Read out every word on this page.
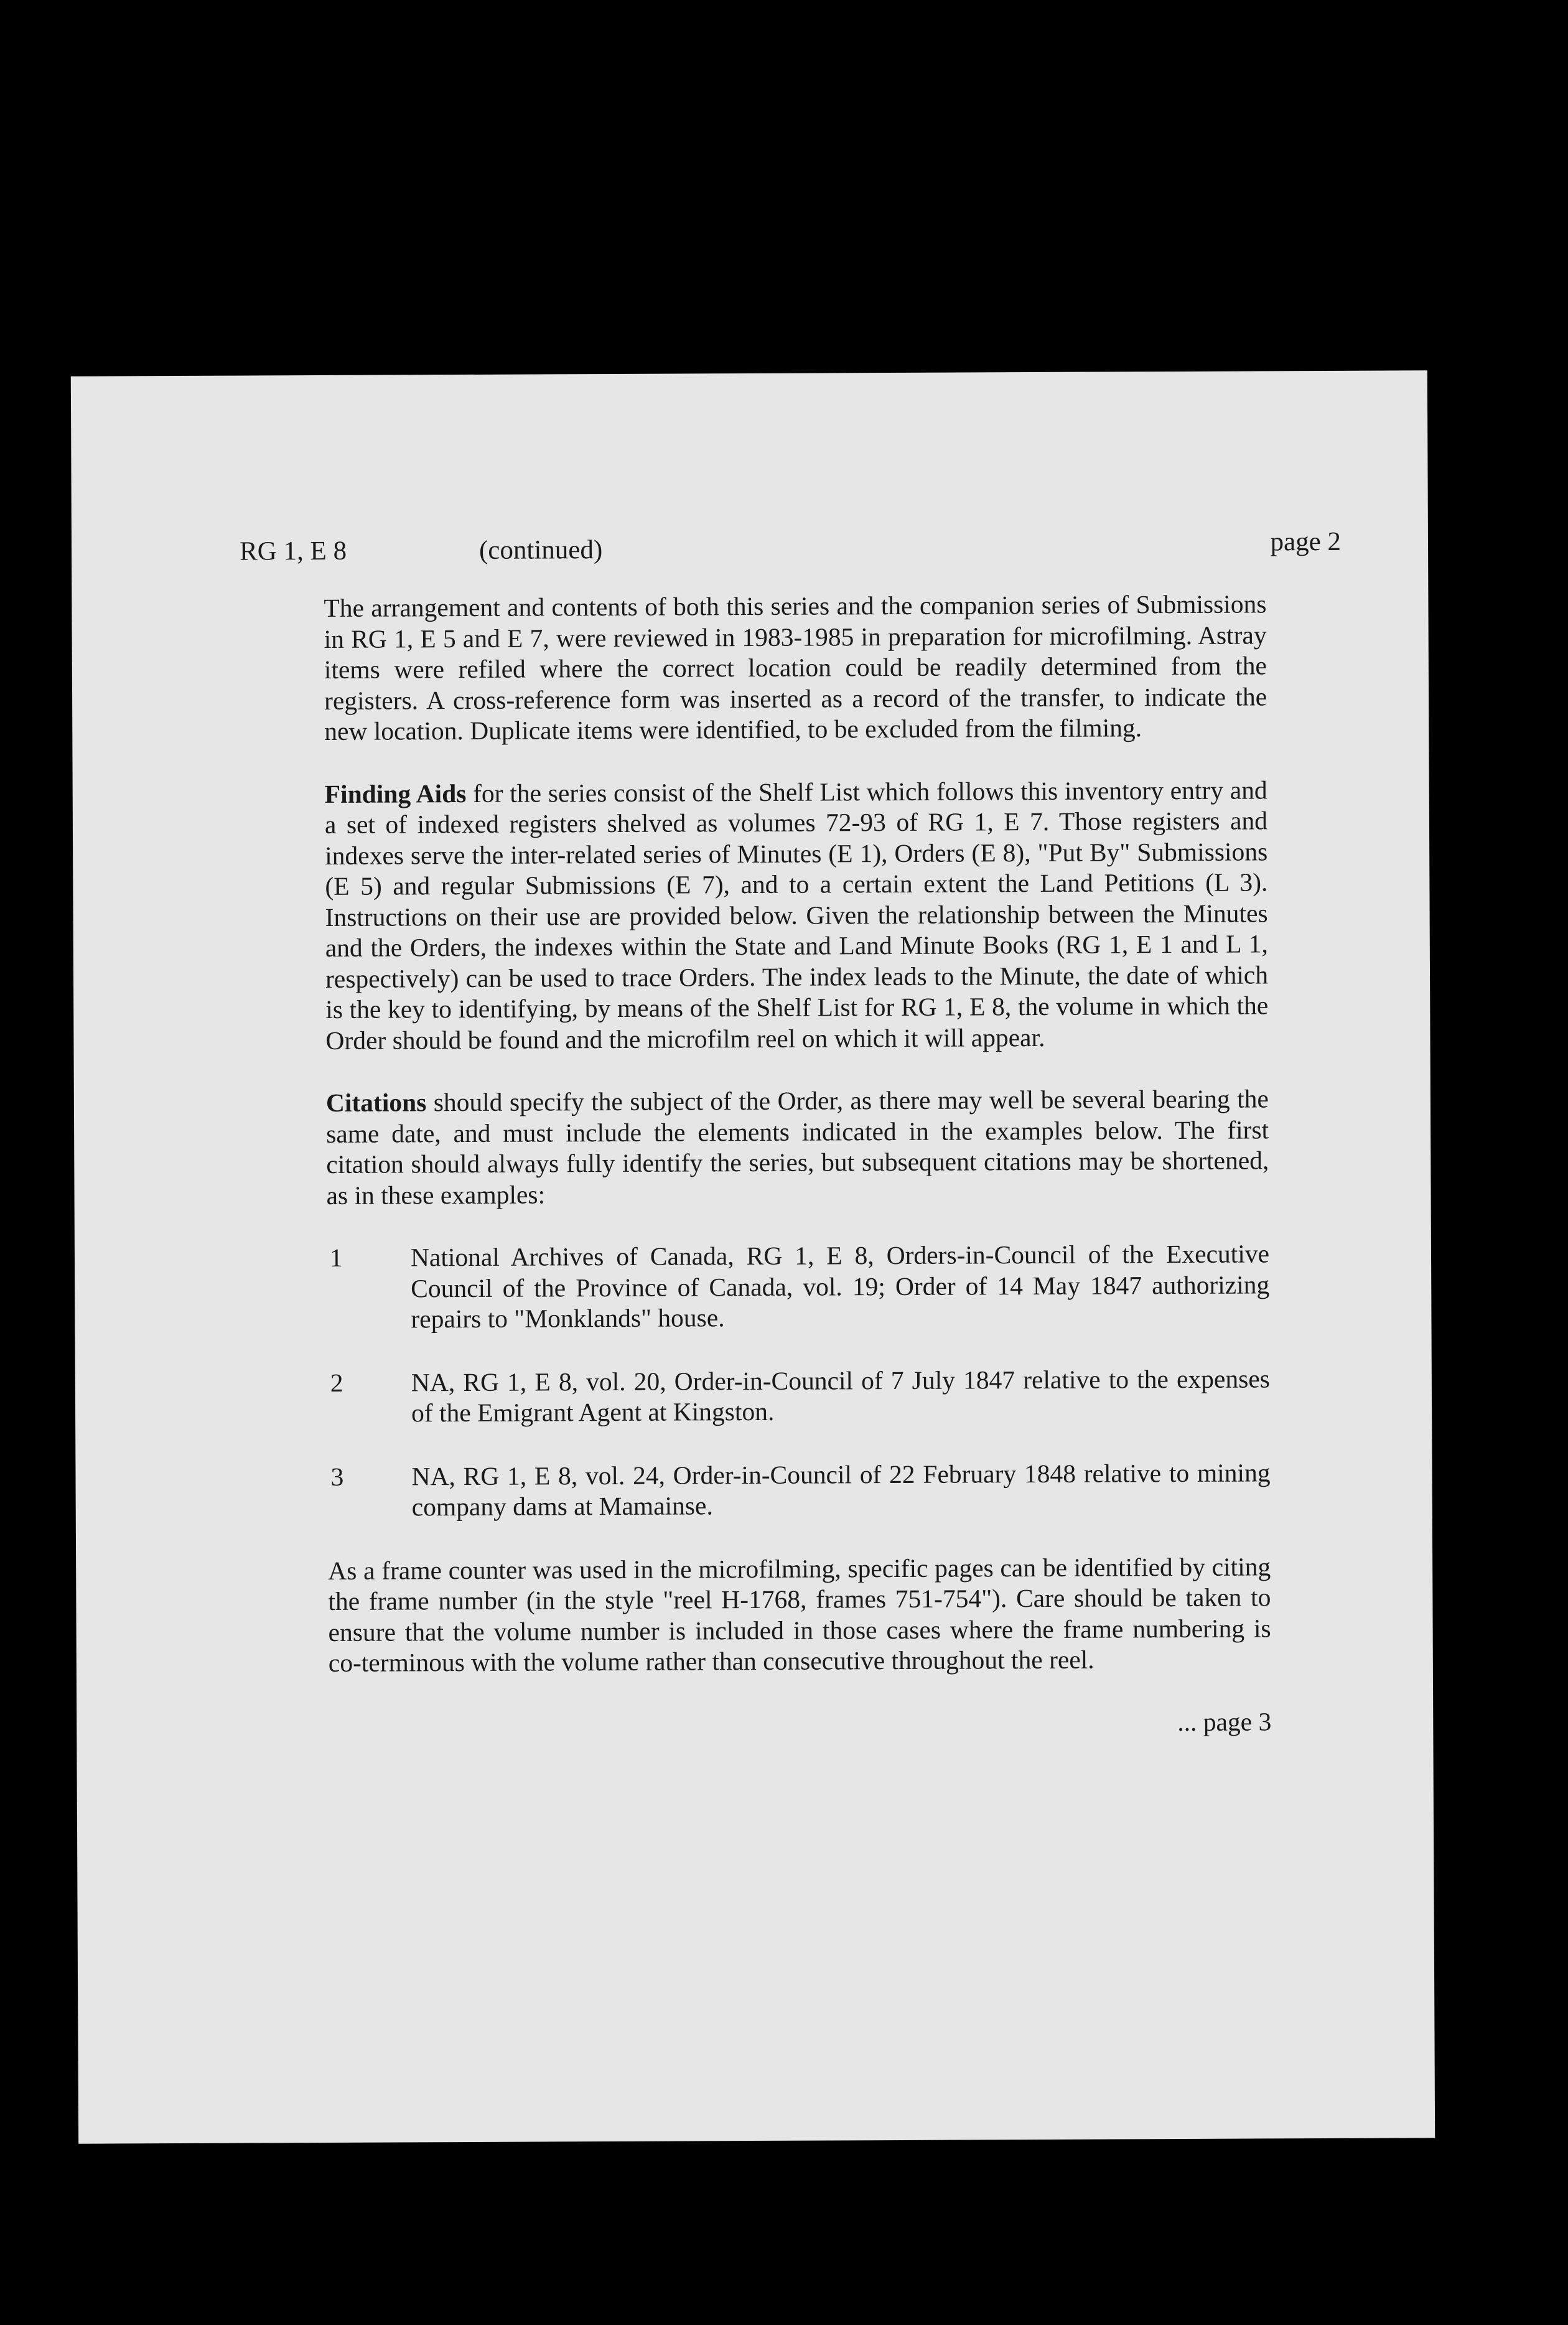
RG 1, E 8	(continued)	page 2

The arrangement and contents of both this series and the companion series of Submissions in RG 1, E 5 and E 7, were reviewed in 1983-1985 in preparation for microfilming. Astray items were refiled where the correct location could be readily determined from the registers. A cross-reference form was inserted as a record of the transfer, to indicate the new location. Duplicate items were identified, to be excluded from the filming.

Finding Aids for the series consist of the Shelf List which follows this inventory entry and a set of indexed registers shelved as volumes 72-93 of RG 1, E 7. Those registers and indexes serve the inter-related series of Minutes (E 1), Orders (E 8), "Put By" Submissions (E 5) and regular Submissions (E 7), and to a certain extent the Land Petitions (L 3). Instructions on their use are provided below. Given the relationship between the Minutes and the Orders, the indexes within the State and Land Minute Books (RG 1, E 1 and L 1, respectively) can be used to trace Orders. The index leads to the Minute, the date of which is the key to identifying, by means of the Shelf List for RG 1, E 8, the volume in which the Order should be found and the microfilm reel on which it will appear.

Citations should specify the subject of the Order, as there may well be several bearing the same date, and must include the elements indicated in the examples below. The first citation should always fully identify the series, but subsequent citations may be shortened, as in these examples:

1	National Archives of Canada, RG 1, E 8, Orders-in-Council of the Executive Council of the Province of Canada, vol. 19; Order of 14 May 1847 authorizing repairs to "Monklands" house.
2	NA, RG 1, E 8, vol. 20, Order-in-Council of 7 July 1847 relative to the expenses of the Emigrant Agent at Kingston.
3	NA, RG 1, E 8, vol. 24, Order-in-Council of 22 February 1848 relative to mining company dams at Mamainse.

As a frame counter was used in the microfilming, specific pages can be identified by citing the frame number (in the style "reel H-1768, frames 751-754"). Care should be taken to ensure that the volume number is included in those cases where the frame numbering is co-terminous with the volume rather than consecutive throughout the reel.

... page 3
